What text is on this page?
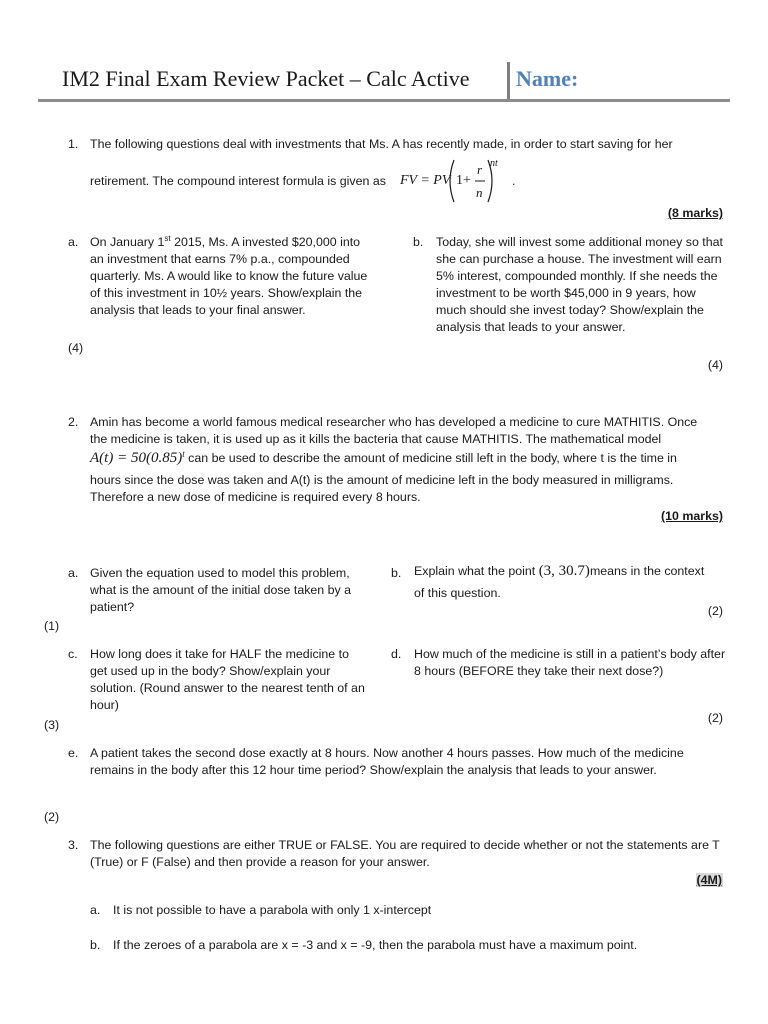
IM2 Final Exam Review Packet – Calc Active Name:
1. The following questions deal with investments that Ms. A has recently made, in order to start saving for her
retirement. The compound interest formula is given as FV = PV 1+
r
n
nt
.
(8 marks)
a. On January 1st 2015, Ms. A invested $20,000 into an investment that earns 7% p.a., compounded quarterly. Ms. A would like to know the future value of this investment in 10½ years. Show/explain the analysis that leads to your final answer.
(4)
b. Today, she will invest some additional money so that she can purchase a house. The investment will earn 5% interest, compounded monthly. If she needs the investment to be worth $45,000 in 9 years, how much should she invest today? Show/explain the analysis that leads to your answer.
(4)
2. Amin has become a world famous medical researcher who has developed a medicine to cure MATHITIS. Once
the medicine is taken, it is used up as it kills the bacteria that cause MATHITIS. The mathematical model
$A(t) = 50(0.85)^t$ can be used to describe the amount of medicine still left in the body, where t is the time in
hours since the dose was taken and A(t) is the amount of medicine left in the body measured in milligrams.
Therefore a new dose of medicine is required every 8 hours.
(10 marks)
a. Given the equation used to model this problem, what is the amount of the initial dose taken by a patient?
(1)
b. Explain what the point (3, 30.7)means in the context
of this question.
(2)
c. How long does it take for HALF the medicine to get used up in the body? Show/explain your solution. (Round answer to the nearest tenth of an hour)
(3)
d. How much of the medicine is still in a patient’s body after 8 hours (BEFORE they take their next dose?)
(2)
e. A patient takes the second dose exactly at 8 hours. Now another 4 hours passes. How much of the medicine remains in the body after this 12 hour time period? Show/explain the analysis that leads to your answer.
(2)
3. The following questions are either TRUE or FALSE. You are required to decide whether or not the statements are T (True) or F (False) and then provide a reason for your answer.
(4M)
a. It is not possible to have a parabola with only 1 x-intercept
b. If the zeroes of a parabola are x = -3 and x = -9, then the parabola must have a maximum point.
